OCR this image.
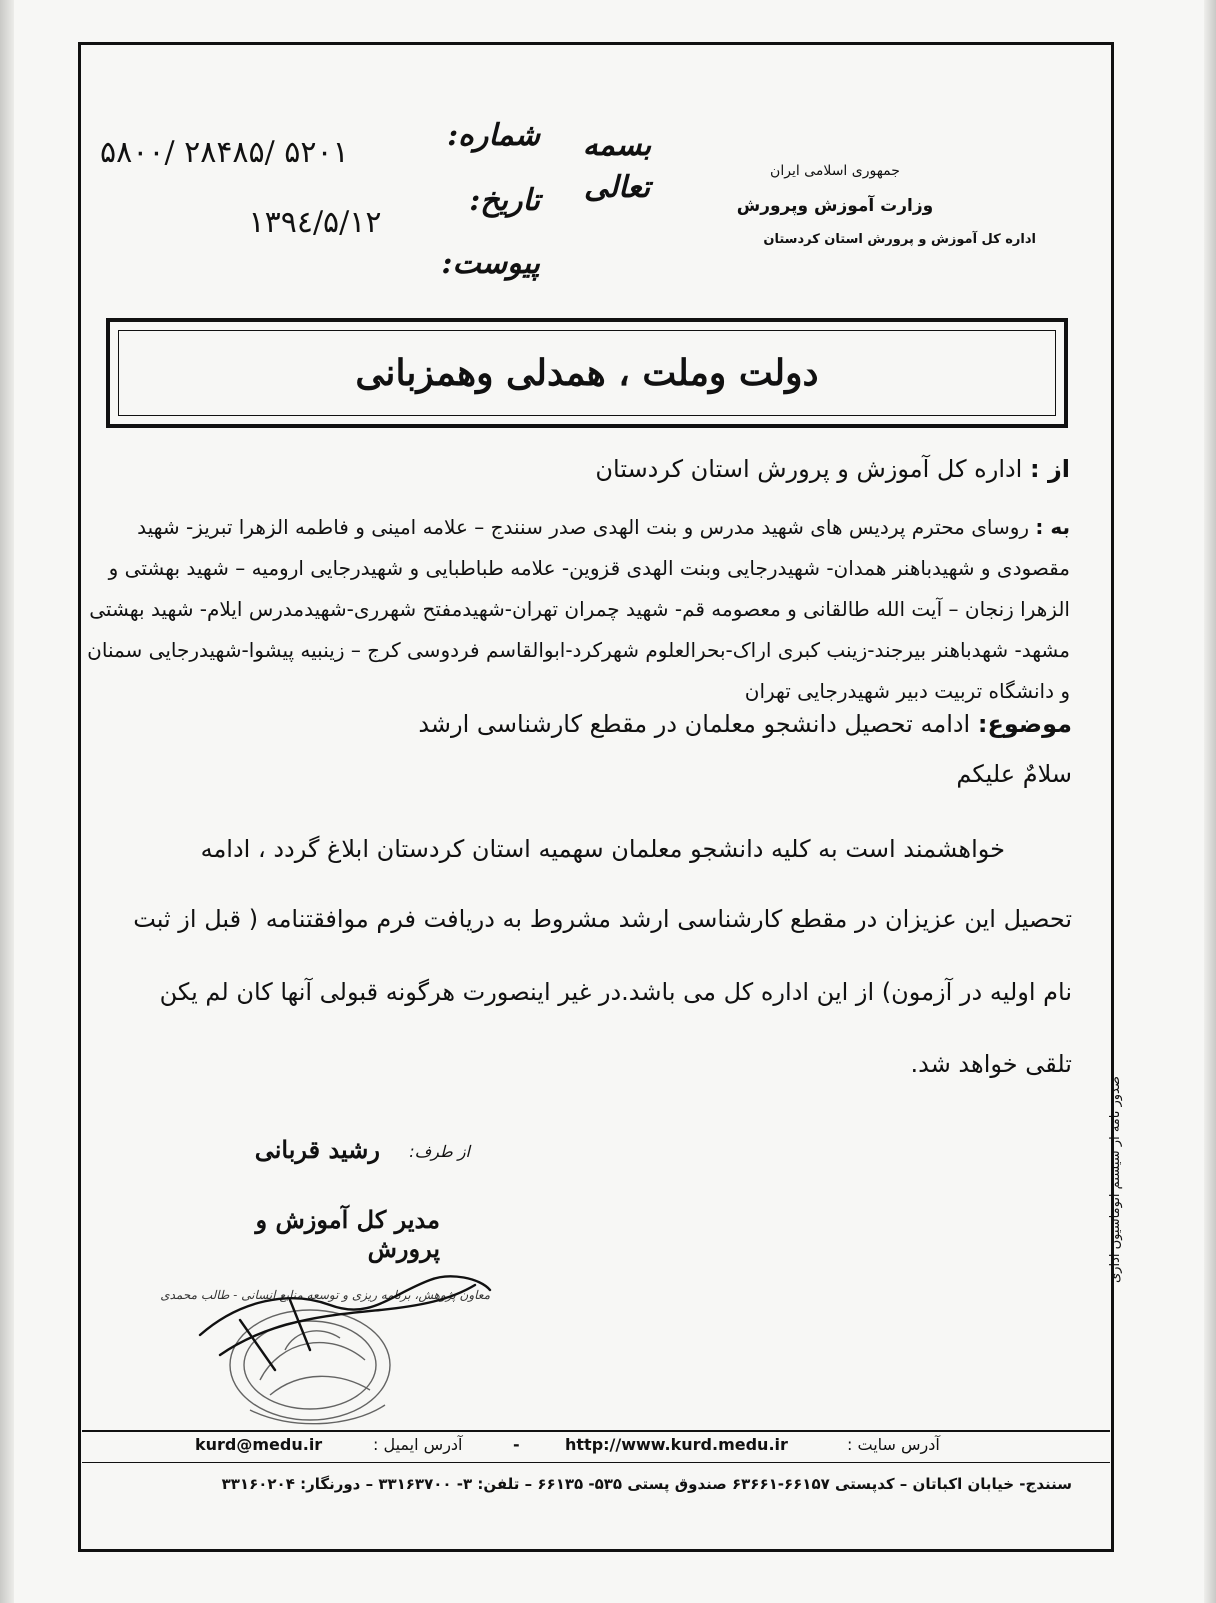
۵۸۰۰/ ۲۸۴۸۵/ ۵۲۰۱
۱۳۹٤/۵/۱۲
شماره:
تاریخ:
پیوست:
بسمه تعالی	جمهوری اسلامی ایران
وزارت آموزش وپرورش
اداره کل آموزش و پرورش استان کردستان
دولت وملت ، همدلی وهمزبانی
از : اداره کل آموزش و پرورش استان کردستان
به : روسای محترم پردیس های شهید مدرس و بنت الهدی صدر سنندج – علامه امینی و فاطمه الزهرا تبریز- شهید
مقصودی و شهیدباهنر همدان- شهیدرجایی وبنت الهدی قزوین- علامه طباطبایی و شهیدرجایی ارومیه – شهید بهشتی و
الزهرا زنجان – آیت الله طالقانی و معصومه قم- شهید چمران تهران-شهیدمفتح شهرری-شهیدمدرس ایلام- شهید بهشتی
مشهد- شهدباهنر بیرجند-زینب کبری اراک-بحرالعلوم شهرکرد-ابوالقاسم فردوسی کرج – زینبیه پیشوا-شهیدرجایی سمنان
و دانشگاه تربیت دبیر شهیدرجایی تهران
موضوع: ادامه تحصیل دانشجو معلمان در مقطع کارشناسی ارشد
سلامٌ علیکم
خواهشمند است به کلیه دانشجو معلمان سهمیه استان کردستان ابلاغ گردد ، ادامه
تحصیل این عزیزان در مقطع کارشناسی ارشد مشروط به دریافت فرم موافقتنامه ( قبل از ثبت
نام اولیه در آزمون) از این اداره کل می باشد.در غیر اینصورت هرگونه قبولی آنها کان لم یکن
تلقی خواهد شد.
از طرف:
رشید قربانی
مدیر کل آموزش و پرورش
معاون پژوهش، برنامه ریزی و توسعه منابع انسانی - طالب محمدی
صدور نامه از سیستم اتوماسیون اداری
kurd@medu.ir	آدرس ایمیل :	-	http://www.kurd.medu.ir	آدرس سایت :
سنندج- خیابان اکباتان – کدپستی ۶۶۱۵۷-۶۳۶۶۱ صندوق پستی ۵۳۵- ۶۶۱۳۵ – تلفن: ۳- ۳۳۱۶۳۷۰۰ – دورنگار: ۳۳۱۶۰۲۰۴
